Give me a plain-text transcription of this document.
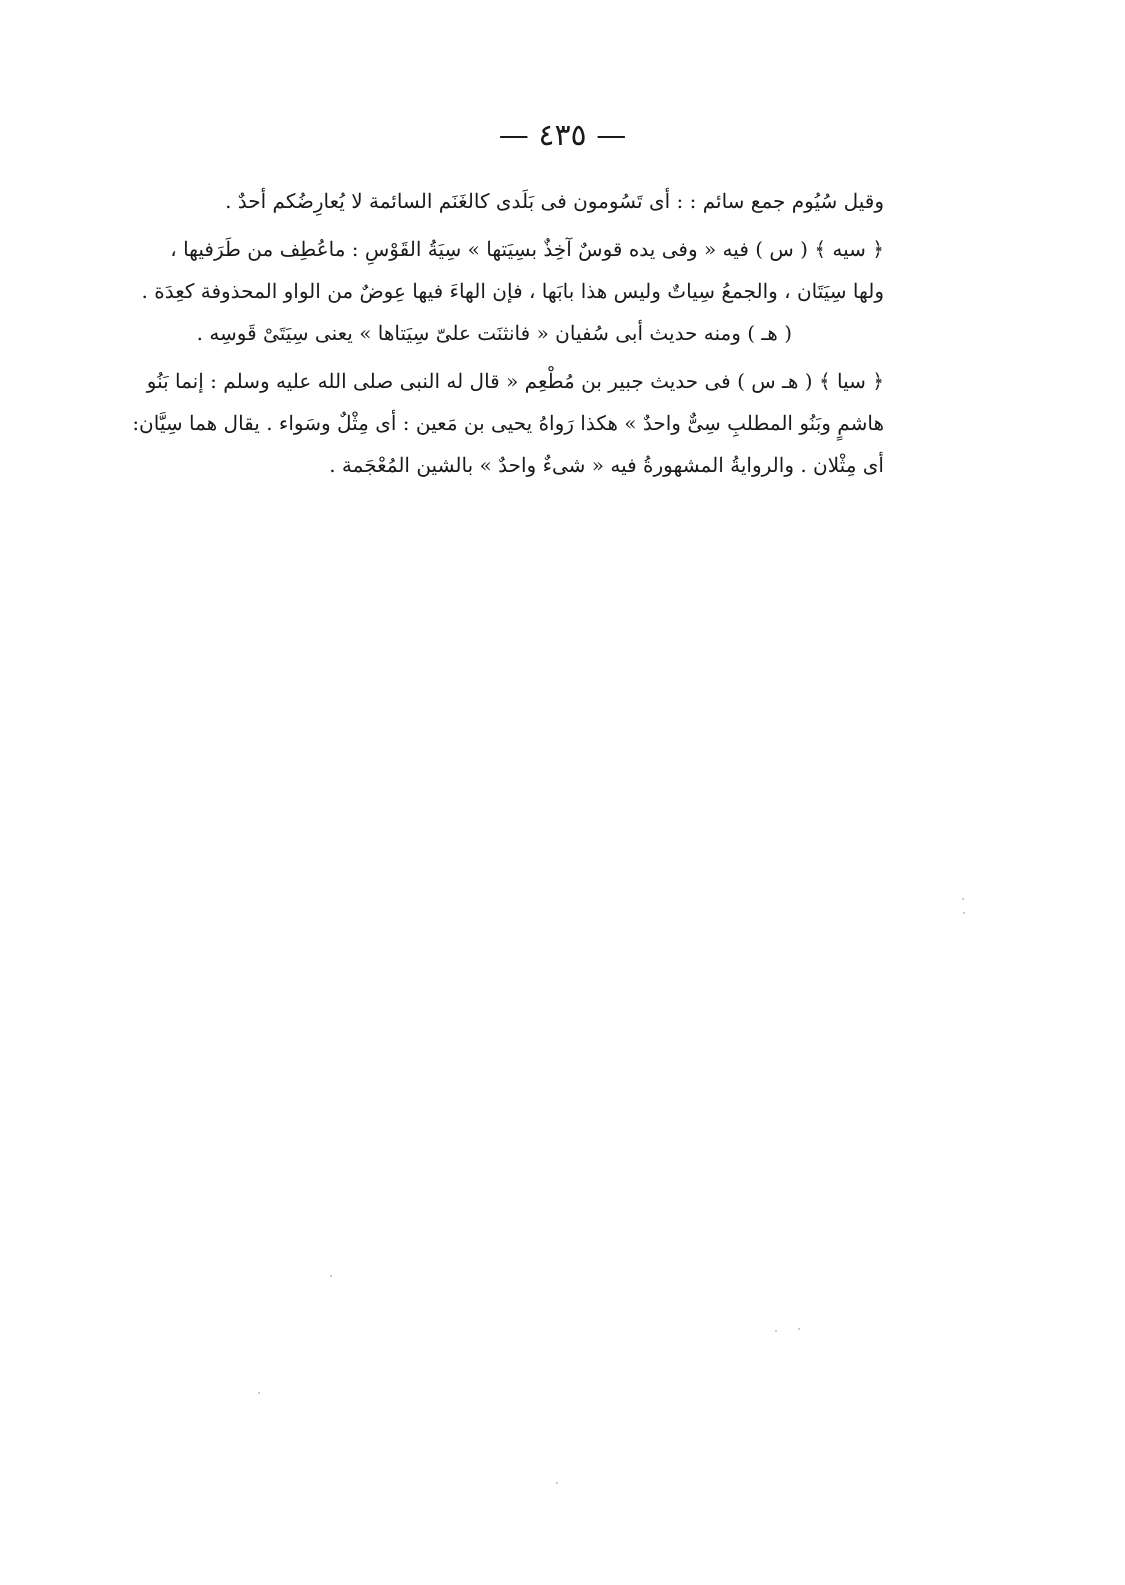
— ٤٣٥ —
وقيل سُيُوم جمع سائم : : أى تَسُومون فى بَلَدى كالغَنَم السائمة لا يُعارِضُكم أحدٌ .
﴿ سيه ﴾ ( س ) فيه « وفى يده قوسٌ آخِذٌ بسِيَتها » سِيَةُ القَوْسِ : ماعُطِف من طَرَفيها ،
ولها سِيَتَان ، والجمعُ سِياتٌ وليس هذا بابَها ، فإن الهاءَ فيها عِوضٌ من الواو المحذوفة كعِدَة .
( هـ ) ومنه حديث أبى سُفيان « فانثنَت علىّ سِيَتاها » يعنى سِيَتَىْ قَوسِه .
﴿ سيا ﴾ ( هـ س ) فى حديث جبير بن مُطْعِم « قال له النبى صلى الله عليه وسلم : إنما بَنُو
هاشمٍ وبَنُو المطلبِ سِىٌّ واحدٌ » هكذا رَواهُ يحيى بن مَعين : أى مِثْلٌ وسَواء . يقال هما سِيَّان:
أى مِثْلان . والروايةُ المشهورةُ فيه « شىءٌ واحدٌ » بالشين المُعْجَمة .
